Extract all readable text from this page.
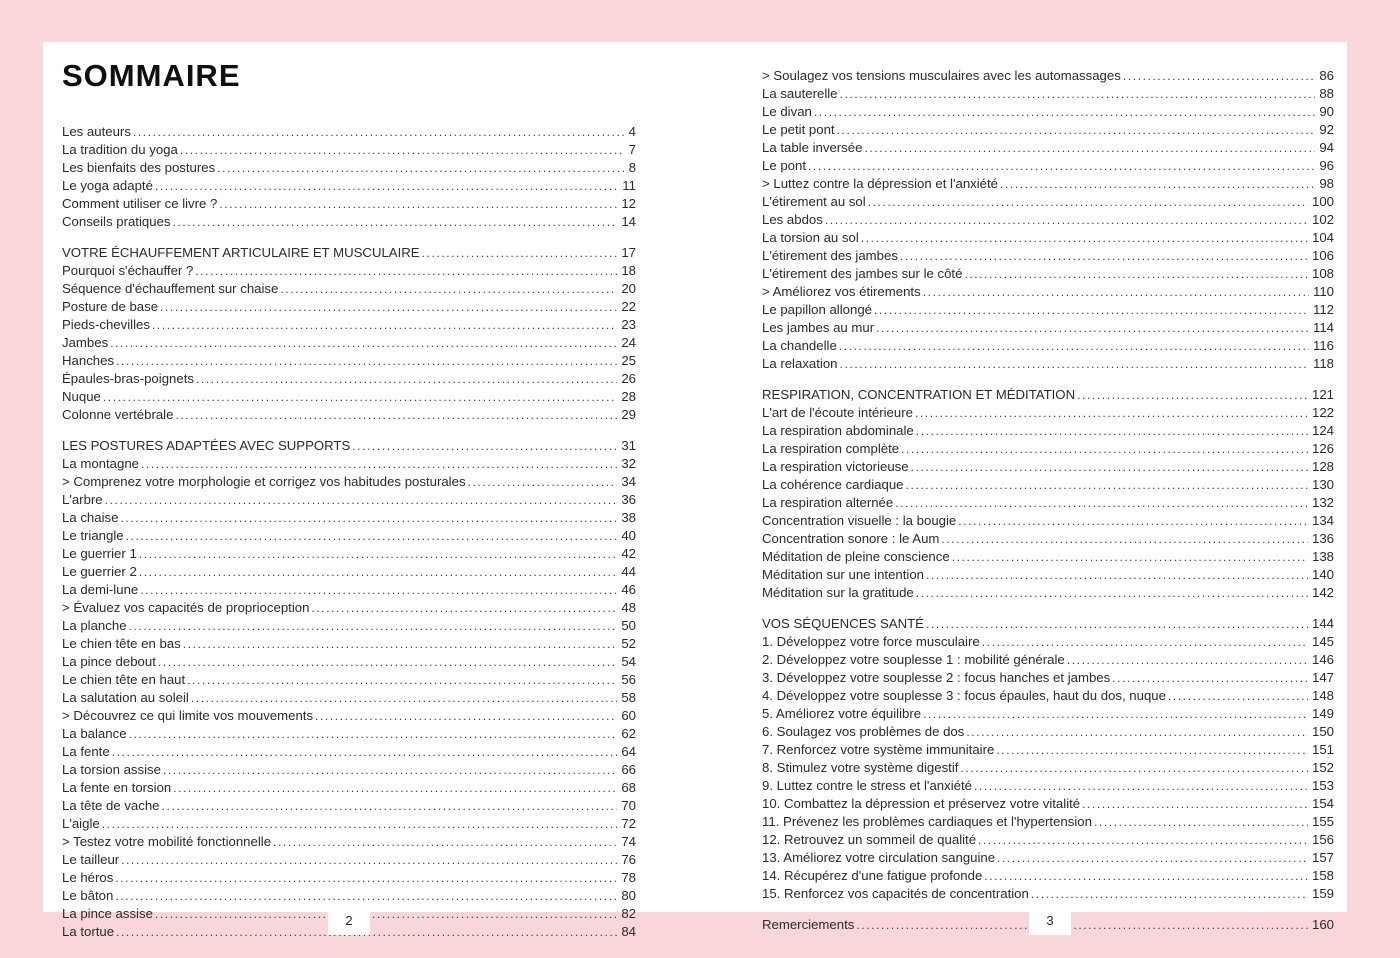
SOMMAIRE
Les auteurs .....	4
La tradition du yoga .....	7
Les bienfaits des postures .....	8
Le yoga adapté .....	11
Comment utiliser ce livre ? .....	12
Conseils pratiques .....	14
VOTRE ÉCHAUFFEMENT ARTICULAIRE ET MUSCULAIRE .....	17
Pourquoi s'échauffer ? .....	18
Séquence d'échauffement sur chaise .....	20
Posture de base .....	22
Pieds-chevilles .....	23
Jambes .....	24
Hanches .....	25
Épaules-bras-poignets .....	26
Nuque .....	28
Colonne vertébrale .....	29
LES POSTURES ADAPTÉES AVEC SUPPORTS .....	31
La montagne .....	32
> Comprenez votre morphologie et corrigez vos habitudes posturales .....	34
L'arbre .....	36
La chaise .....	38
Le triangle .....	40
Le guerrier 1 .....	42
Le guerrier 2 .....	44
La demi-lune .....	46
> Évaluez vos capacités de proprioception .....	48
La planche .....	50
Le chien tête en bas .....	52
La pince debout .....	54
Le chien tête en haut .....	56
La salutation au soleil .....	58
> Découvrez ce qui limite vos mouvements .....	60
La balance .....	62
La fente .....	64
La torsion assise .....	66
La fente en torsion .....	68
La tête de vache .....	70
L'aigle .....	72
> Testez votre mobilité fonctionnelle .....	74
Le tailleur .....	76
Le héros .....	78
Le bâton .....	80
La pince assise .....	82
La tortue .....	84
> Soulagez vos tensions musculaires avec les automassages .....	86
La sauterelle .....	88
Le divan .....	90
Le petit pont .....	92
La table inversée .....	94
Le pont .....	96
> Luttez contre la dépression et l'anxiété .....	98
L'étirement au sol .....	100
Les abdos .....	102
La torsion au sol .....	104
L'étirement des jambes .....	106
L'étirement des jambes sur le côté .....	108
> Améliorez vos étirements .....	110
Le papillon allongé .....	112
Les jambes au mur .....	114
La chandelle .....	116
La relaxation .....	118
RESPIRATION, CONCENTRATION ET MÉDITATION .....	121
L'art de l'écoute intérieure .....	122
La respiration abdominale .....	124
La respiration complète .....	126
La respiration victorieuse .....	128
La cohérence cardiaque .....	130
La respiration alternée .....	132
Concentration visuelle : la bougie .....	134
Concentration sonore : le Aum .....	136
Méditation de pleine conscience .....	138
Méditation sur une intention .....	140
Méditation sur la gratitude .....	142
VOS SÉQUENCES SANTÉ .....	144
1. Développez votre force musculaire .....	145
2. Développez votre souplesse 1 : mobilité générale .....	146
3. Développez votre souplesse 2 : focus hanches et jambes .....	147
4. Développez votre souplesse 3 : focus épaules, haut du dos, nuque .....	148
5. Améliorez votre équilibre .....	149
6. Soulagez vos problèmes de dos .....	150
7. Renforcez votre système immunitaire .....	151
8. Stimulez votre système digestif .....	152
9. Luttez contre le stress et l'anxiété .....	153
10. Combattez la dépression et préservez votre vitalité .....	154
11. Prévenez les problèmes cardiaques et l'hypertension .....	155
12. Retrouvez un sommeil de qualité .....	156
13. Améliorez votre circulation sanguine .....	157
14. Récupérez d'une fatigue profonde .....	158
15. Renforcez vos capacités de concentration .....	159
Remerciements .....	160
2	3
